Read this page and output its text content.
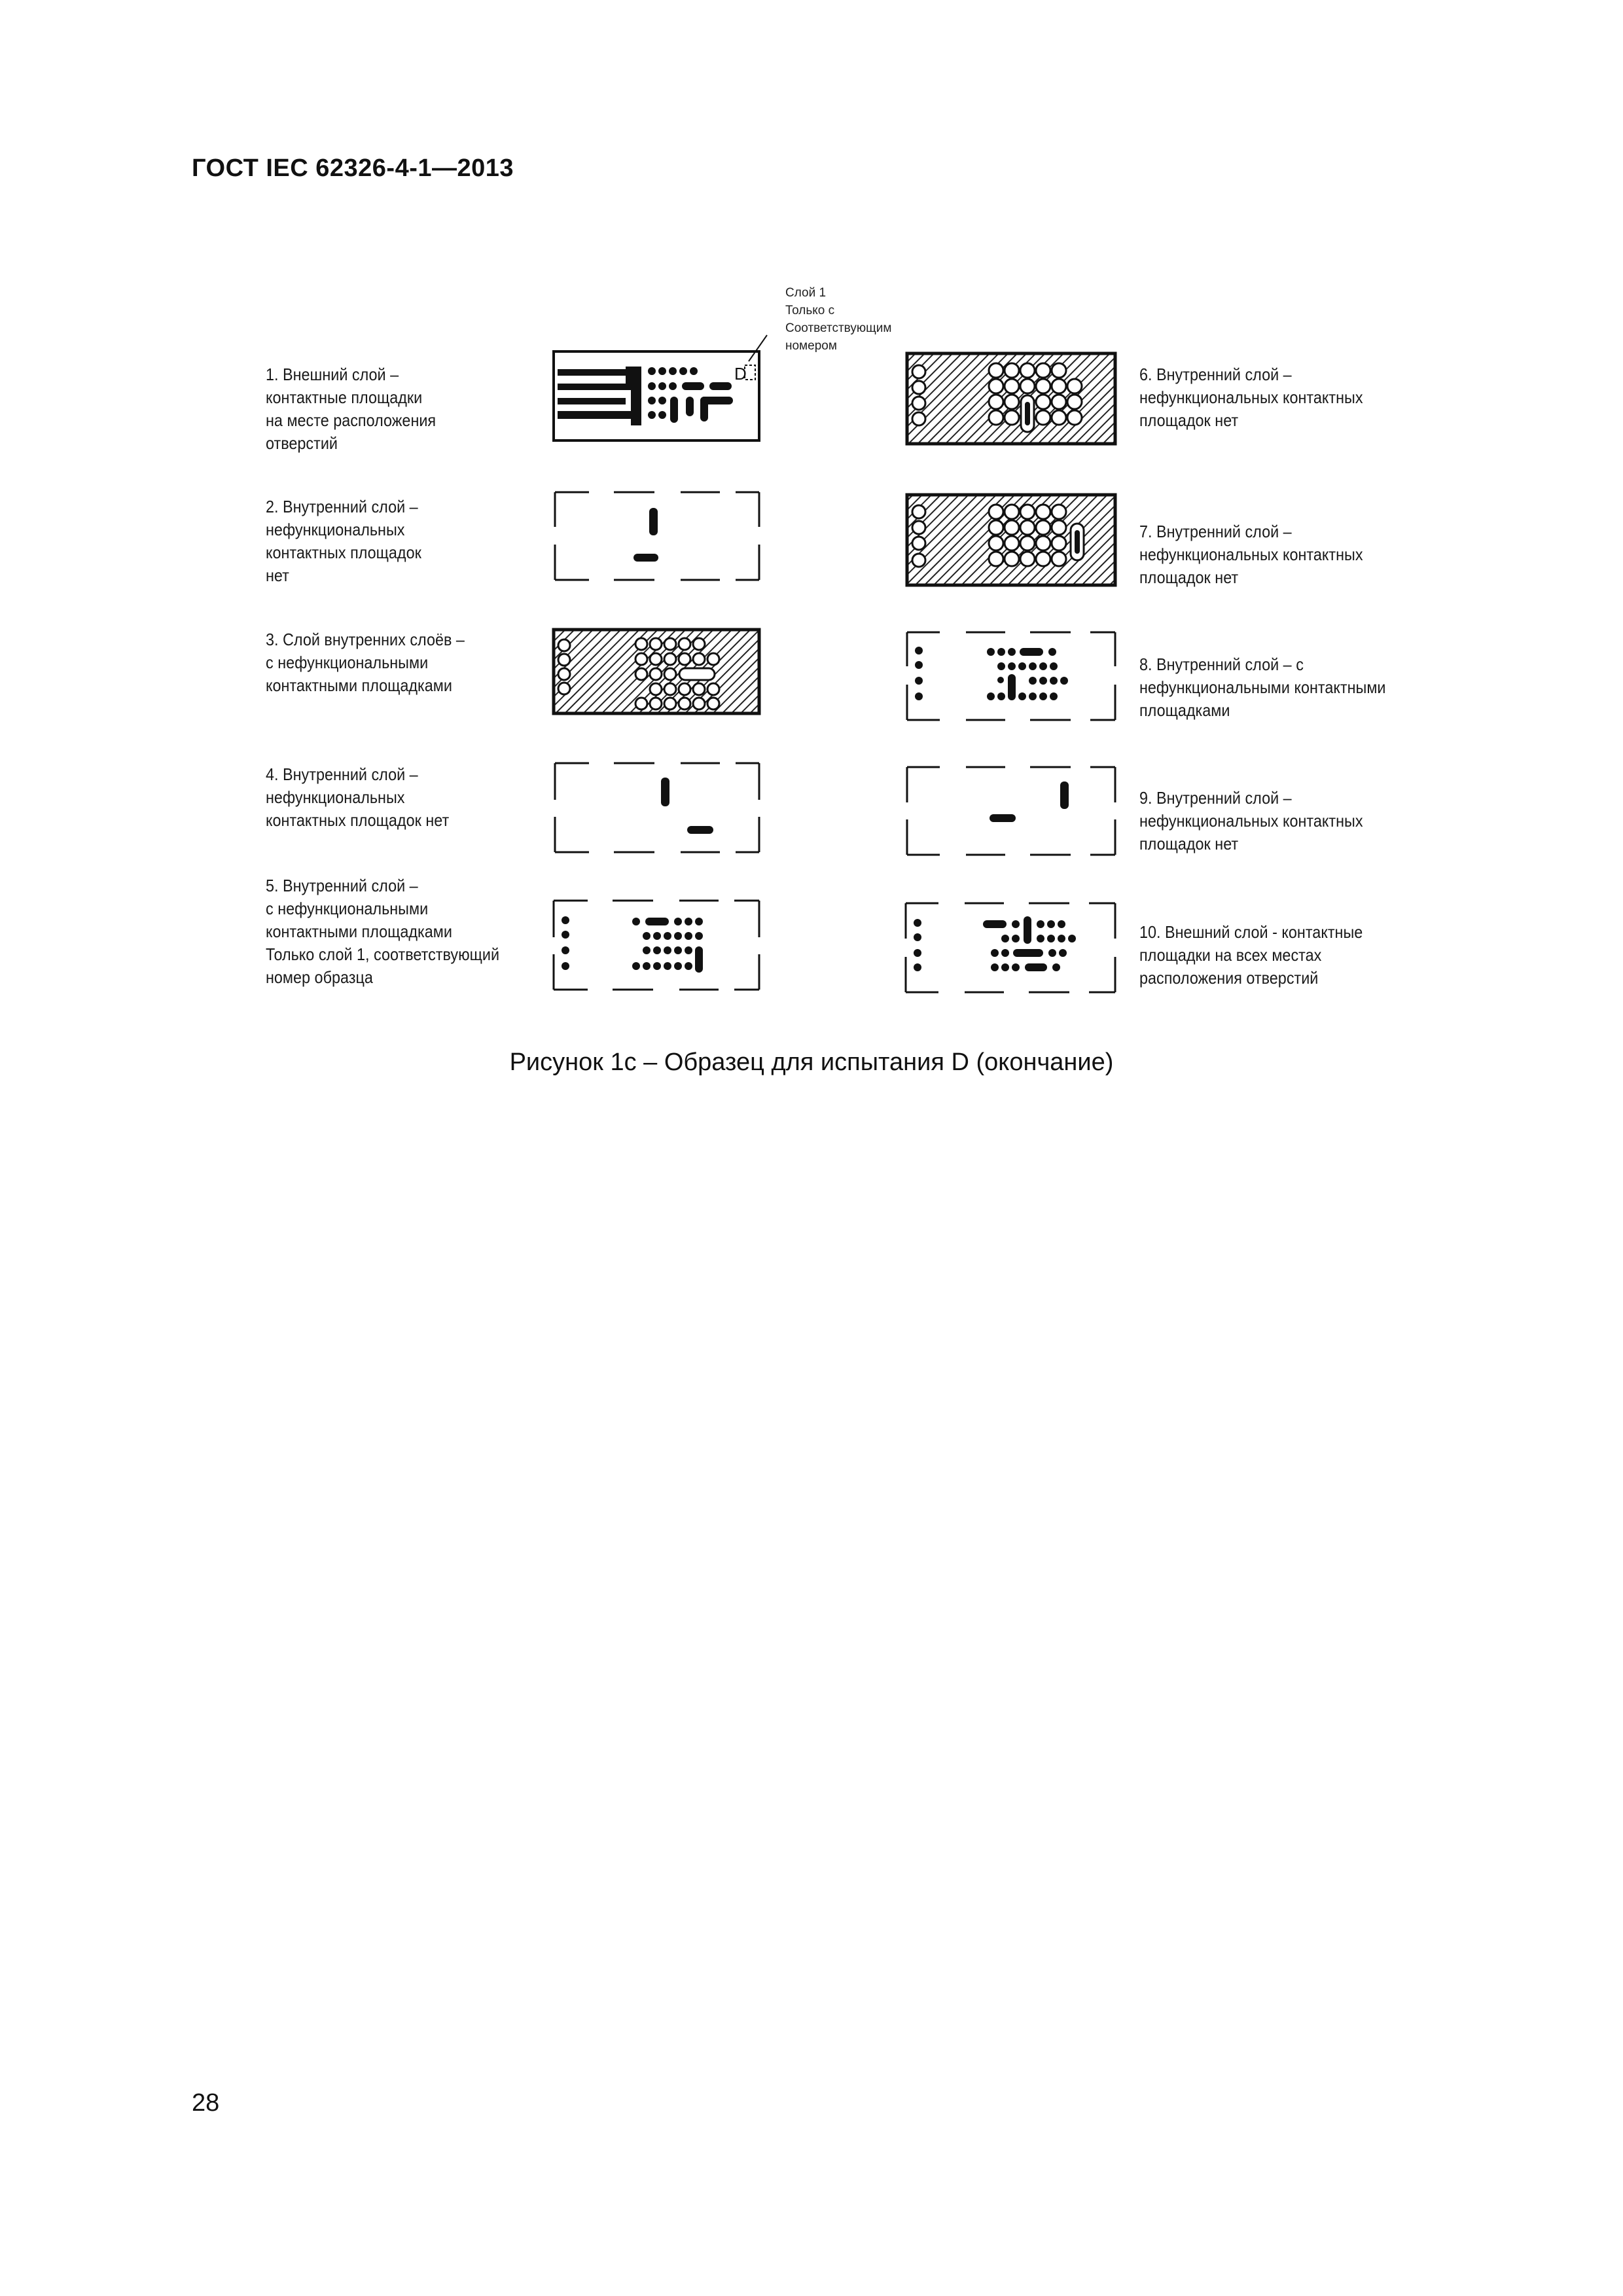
ГОСТ IEC 62326-4-1—2013
Слой 1
Только с
Соответствующим
номером
1. Внешний слой –
контактные площадки
на месте расположения
отверстий
2. Внутренний слой –
нефункциональных
контактных площадок
нет
3. Слой внутренних слоёв –
с нефункциональными
контактными площадками
4. Внутренний слой –
нефункциональных
контактных площадок нет
5. Внутренний слой –
с нефункциональными
контактными площадками
Только слой 1, соответствующий
номер образца
6. Внутренний слой –
нефункциональных контактных
площадок нет
7. Внутренний слой –
нефункциональных контактных
площадок нет
8. Внутренний слой – с
нефункциональными контактными
площадками
9. Внутренний слой –
нефункциональных контактных
площадок нет
10. Внешний слой - контактные
площадки на всех местах
расположения отверстий
D
Рисунок 1с – Образец для испытания D (окончание)
28
